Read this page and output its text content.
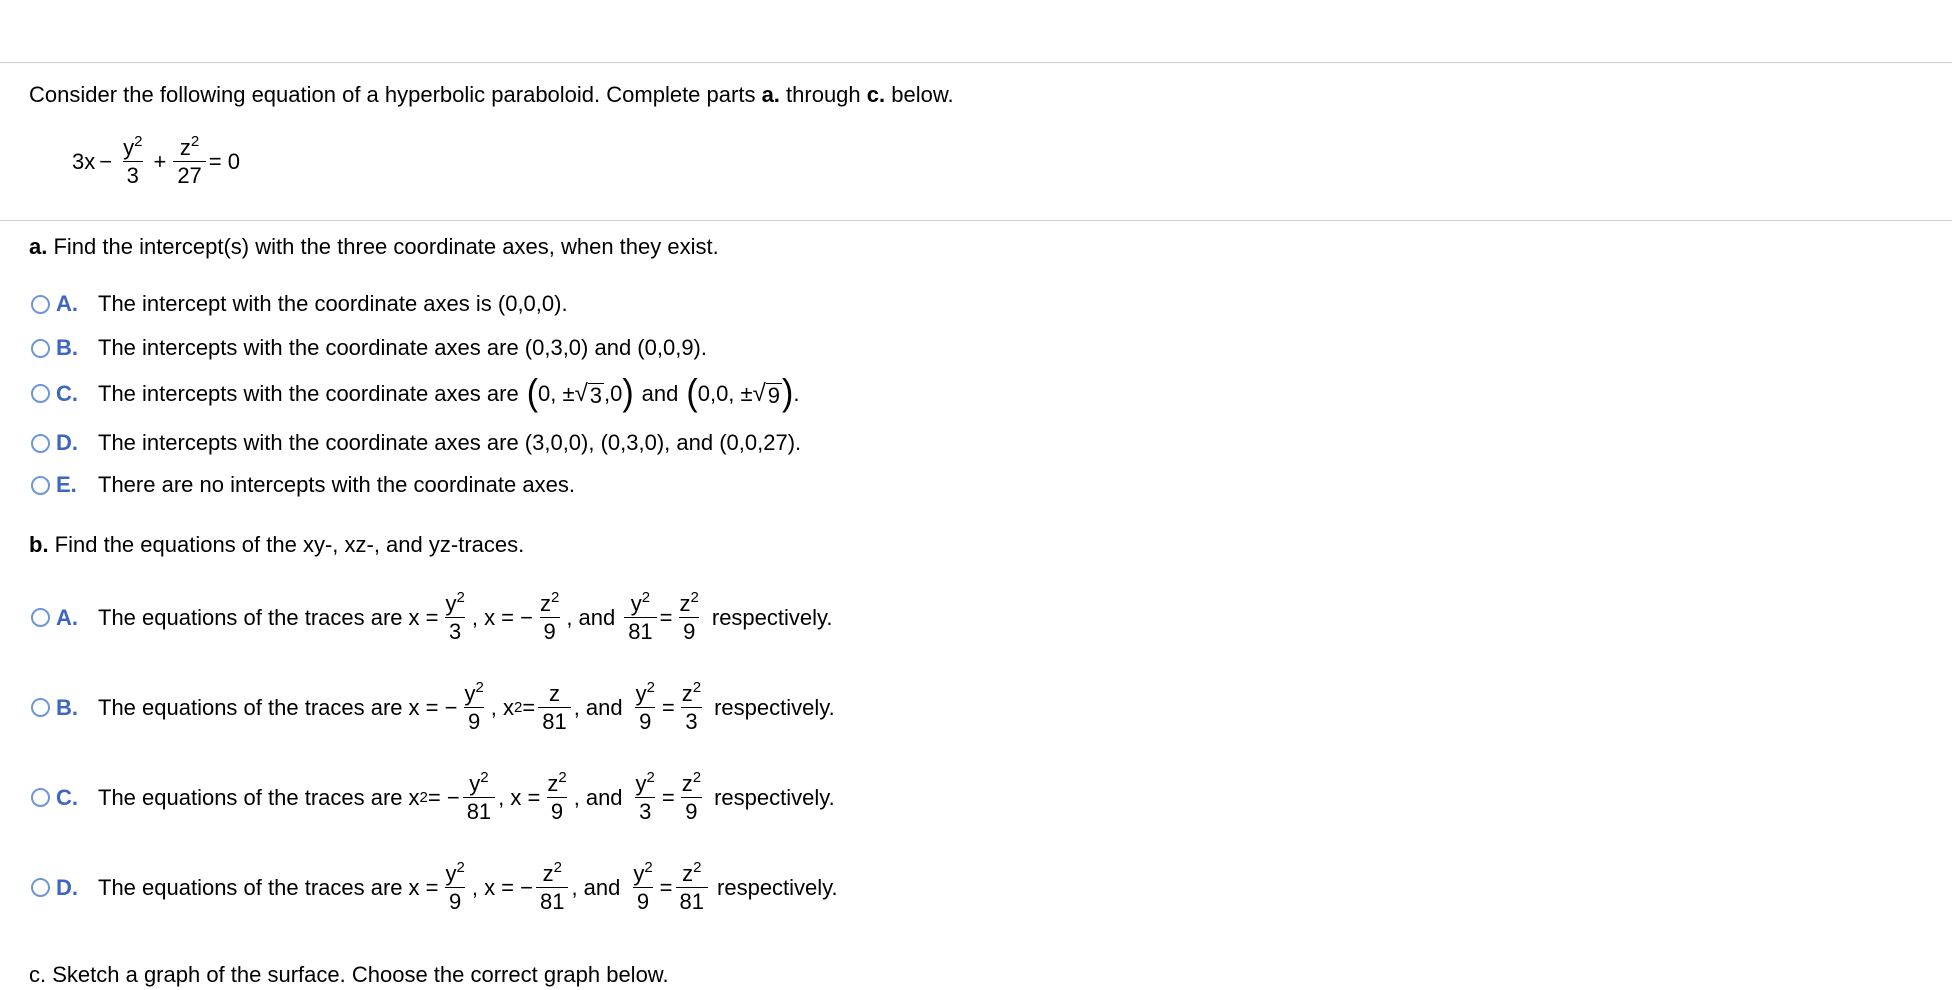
Consider the following equation of a hyperbolic paraboloid. Complete parts a. through c. below.
$3x - \frac{y^2}{3} + \frac{z^2}{27} = 0$
a. Find the intercept(s) with the three coordinate axes, when they exist.
A. The intercept with the coordinate axes is (0,0,0).
B. The intercepts with the coordinate axes are (0,3,0) and (0,0,9).
C. The intercepts with the coordinate axes are ( 0, ± √ 3 ,0 ) and ( 0,0, ± √ 9 ) .
D. The intercepts with the coordinate axes are (3,0,0), (0,3,0), and (0,0,27).
E. There are no intercepts with the coordinate axes.
b. Find the equations of the xy-, xz-, and yz-traces.
A. The equations of the traces are $x = \frac{y^2}{3}$ , x = − $\frac{z^2}{9}$ , and $\frac{y^2}{81} = \frac{z^2}{9}$ respectively.
B. The equations of the traces are x = − $\frac{y^2}{9}$ , x $2 = \frac{z}{81}$ , and $\frac{y^2}{9} = \frac{z^2}{3}$ respectively.
C. The equations of the traces are x 2 = − $\frac{y^2}{81}$ , $x = \frac{z^2}{9}$ , and $\frac{y^2}{3} = \frac{z^2}{9}$ respectively.
D. The equations of the traces are $x = \frac{y^2}{9}$ , x = − $\frac{z^2}{81}$ , and $\frac{y^2}{9} = \frac{z^2}{81}$ respectively.
c. Sketch a graph of the surface. Choose the correct graph below.
